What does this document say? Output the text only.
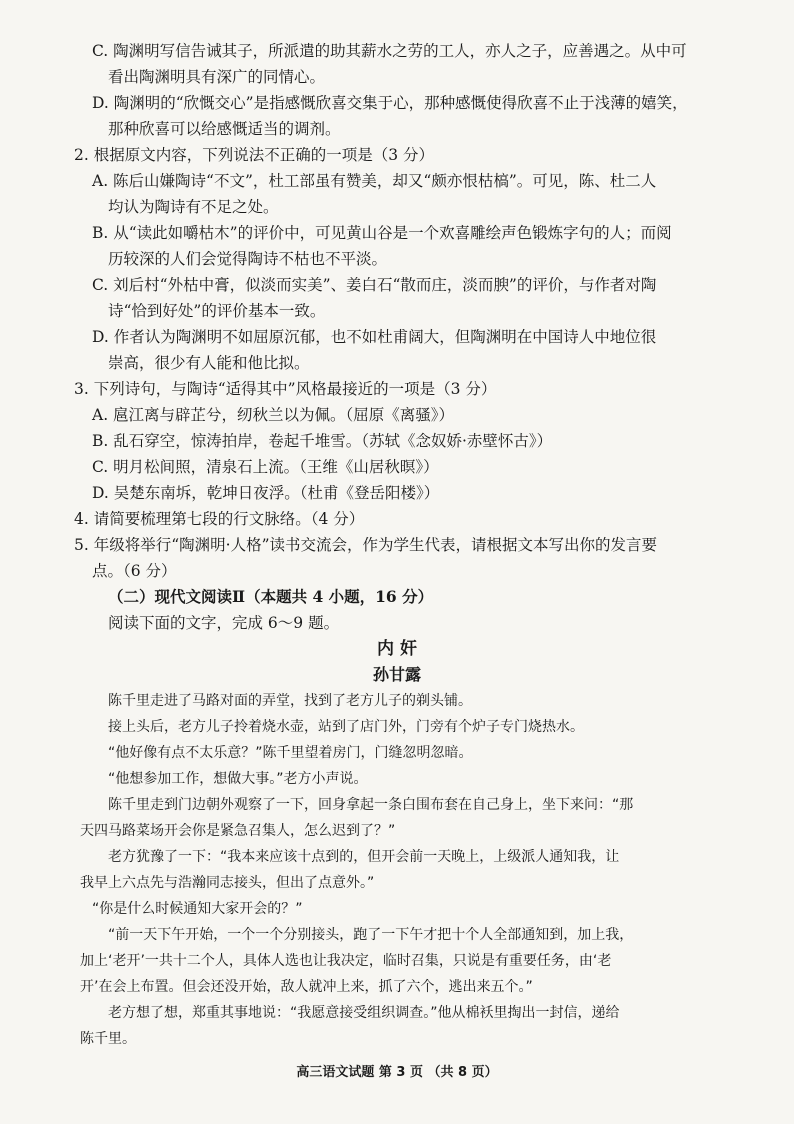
C. 陶渊明写信告诫其子，所派遣的助其薪水之劳的工人，亦人之子，应善遇之。从中可
看出陶渊明具有深广的同情心。
D. 陶渊明的“欣慨交心”是指感慨欣喜交集于心，那种感慨使得欣喜不止于浅薄的嬉笑，
那种欣喜可以给感慨适当的调剂。
2. 根据原文内容，下列说法不正确的一项是（3 分）
A. 陈后山嫌陶诗“不文”，杜工部虽有赞美，却又“颇亦恨枯槁”。可见，陈、杜二人
均认为陶诗有不足之处。
B. 从“读此如嚼枯木”的评价中，可见黄山谷是一个欢喜雕绘声色锻炼字句的人；而阅
历较深的人们会觉得陶诗不枯也不平淡。
C. 刘后村“外枯中膏，似淡而实美”、姜白石“散而庄，淡而腴”的评价，与作者对陶
诗“恰到好处”的评价基本一致。
D. 作者认为陶渊明不如屈原沉郁，也不如杜甫阔大，但陶渊明在中国诗人中地位很
崇高，很少有人能和他比拟。
3. 下列诗句，与陶诗“适得其中”风格最接近的一项是（3 分）
A. 扈江离与辟芷兮，纫秋兰以为佩。（屈原《离骚》）
B. 乱石穿空，惊涛拍岸，卷起千堆雪。（苏轼《念奴娇·赤壁怀古》）
C. 明月松间照，清泉石上流。（王维《山居秋暝》）
D. 吴楚东南坼，乾坤日夜浮。（杜甫《登岳阳楼》）
4. 请简要梳理第七段的行文脉络。（4 分）
5. 年级将举行“陶渊明·人格”读书交流会，作为学生代表，请根据文本写出你的发言要
点。（6 分）
（二）现代文阅读Ⅱ（本题共 4 小题，16 分）
阅读下面的文字，完成 6～9 题。
内 奸
孙甘露
陈千里走进了马路对面的弄堂，找到了老方儿子的剃头铺。
接上头后，老方儿子拎着烧水壶，站到了店门外，门旁有个炉子专门烧热水。
“他好像有点不太乐意？”陈千里望着房门，门缝忽明忽暗。
“他想参加工作，想做大事。”老方小声说。
陈千里走到门边朝外观察了一下，回身拿起一条白围布套在自己身上，坐下来问：“那
天四马路菜场开会你是紧急召集人，怎么迟到了？”
老方犹豫了一下：“我本来应该十点到的，但开会前一天晚上，上级派人通知我，让
我早上六点先与浩瀚同志接头，但出了点意外。”
“你是什么时候通知大家开会的？”
“前一天下午开始，一个一个分别接头，跑了一下午才把十个人全部通知到，加上我，
加上‘老开’一共十二个人，具体人选也让我决定，临时召集，只说是有重要任务，由‘老
开’在会上布置。但会还没开始，敌人就冲上来，抓了六个，逃出来五个。”
老方想了想，郑重其事地说：“我愿意接受组织调查。”他从棉袄里掏出一封信，递给
陈千里。
高三语文试题 第 3 页 （共 8 页）
